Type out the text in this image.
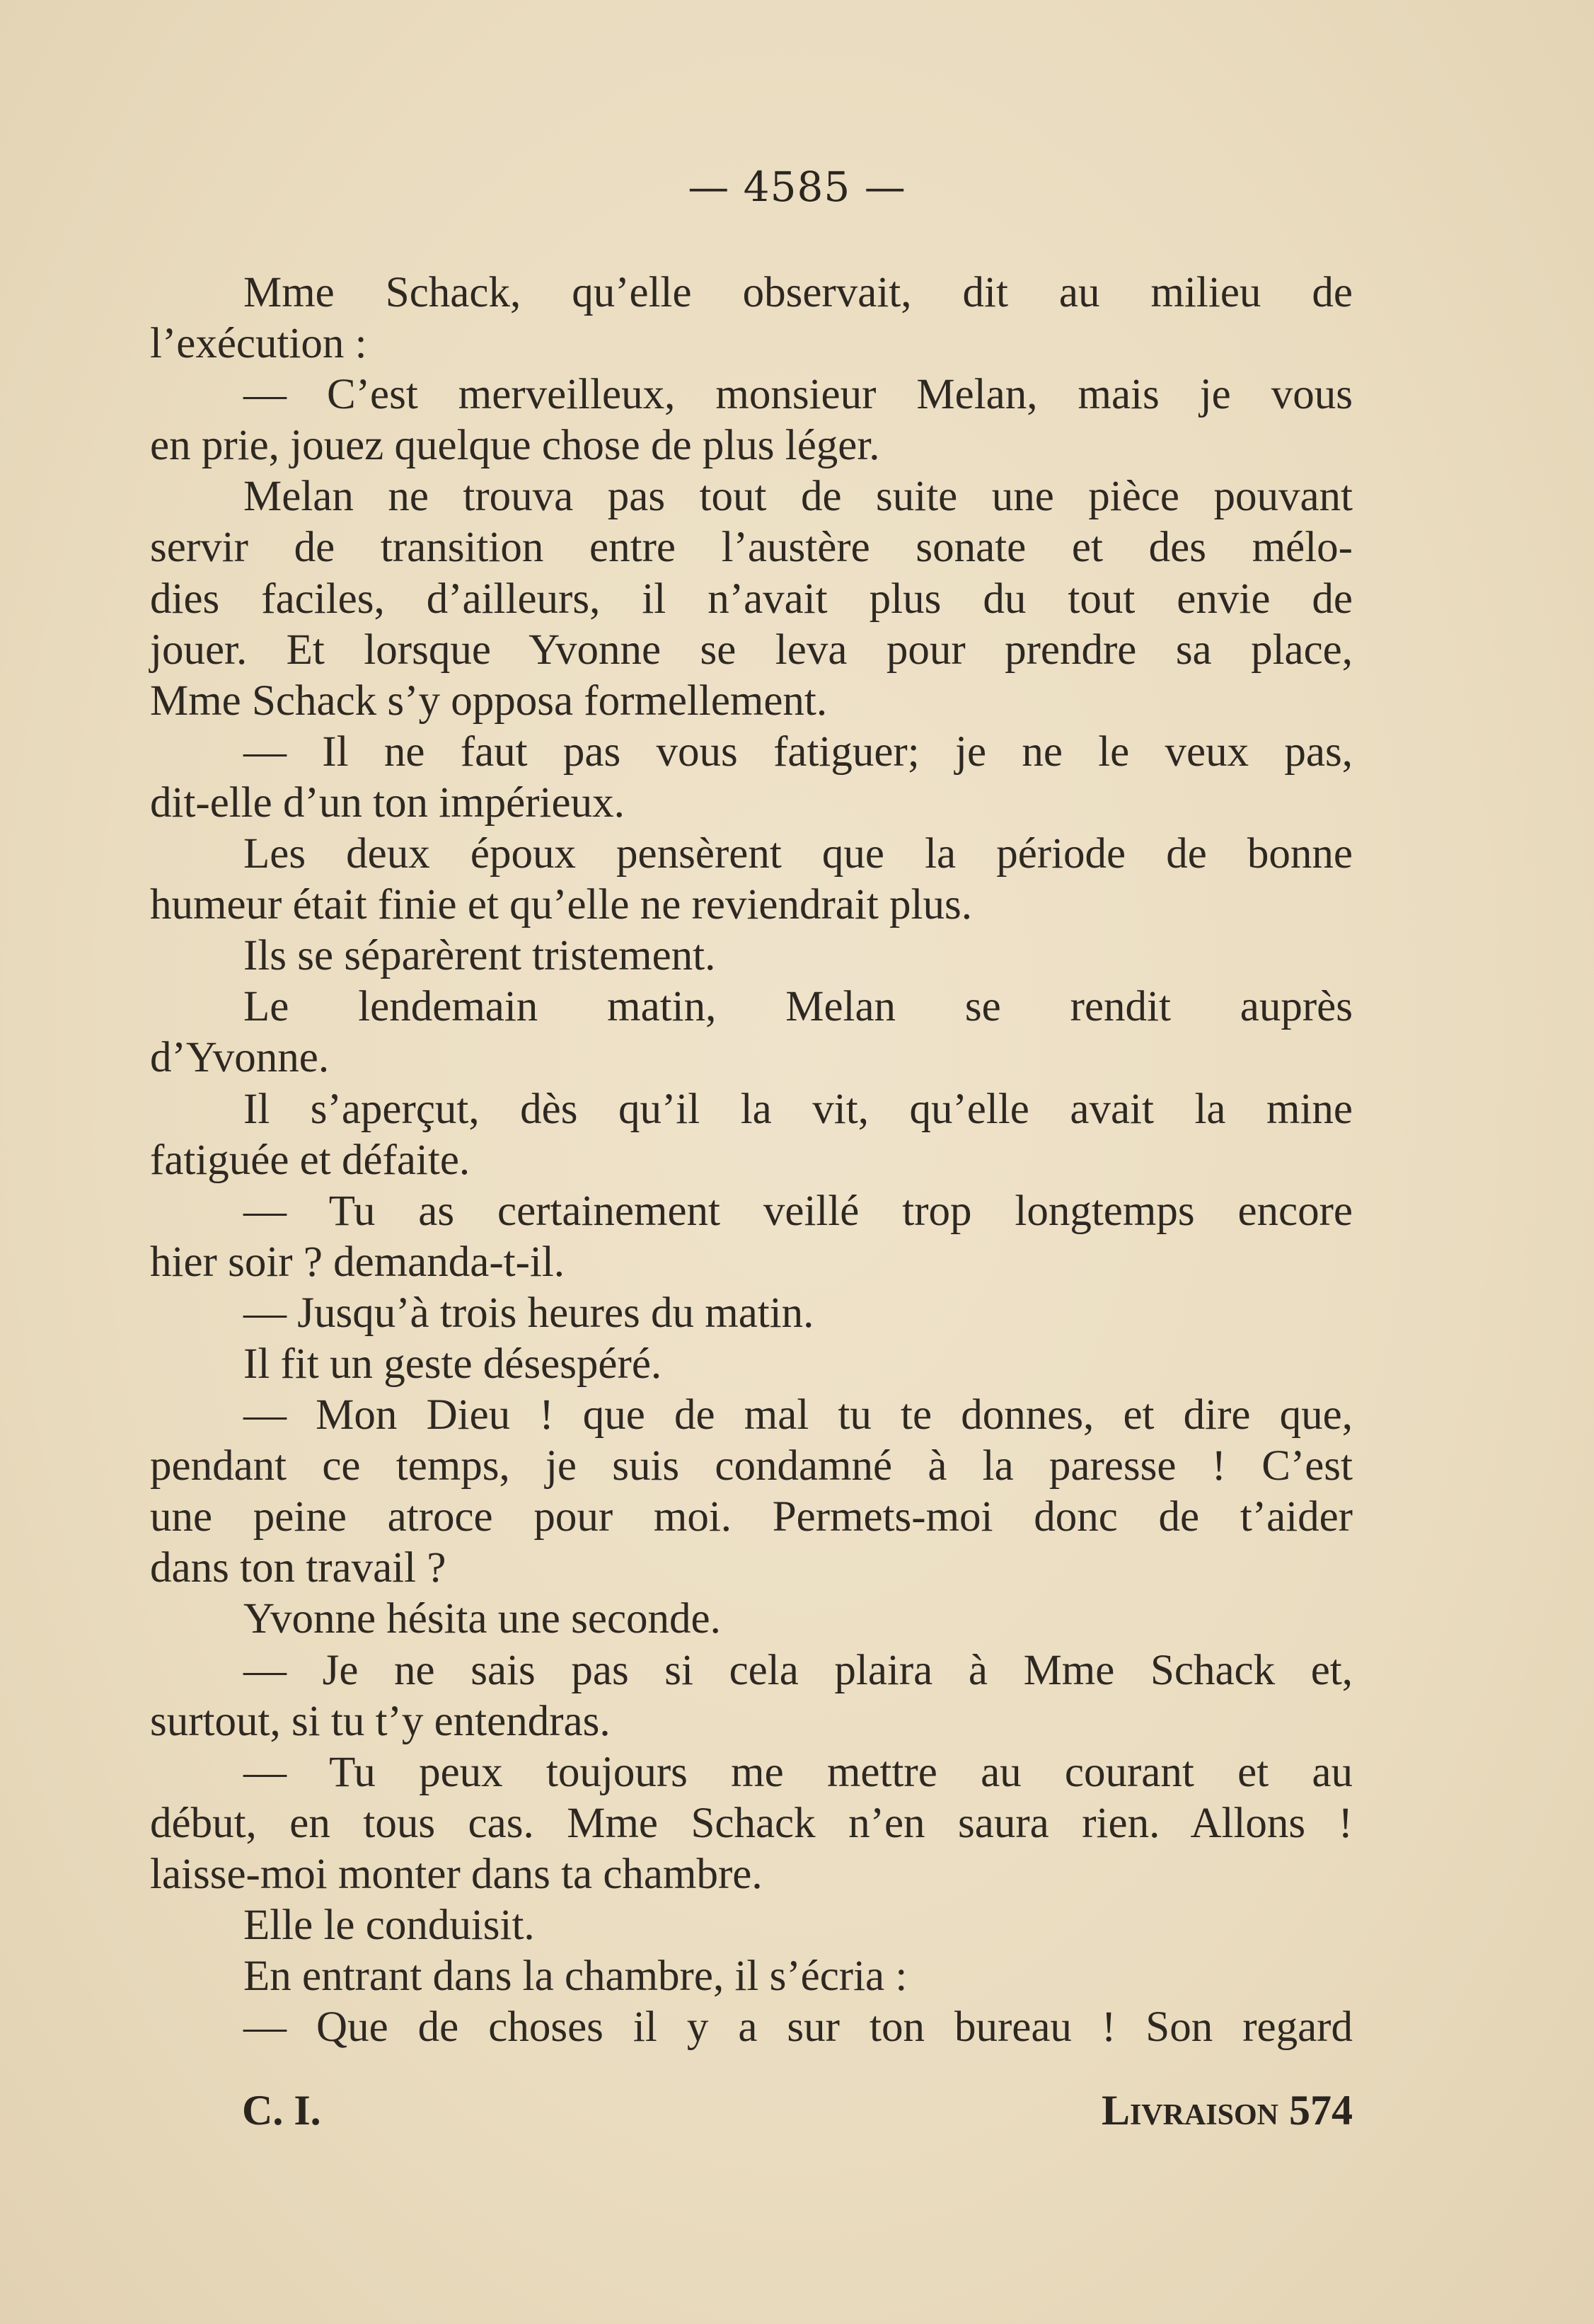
— 4585 —
Mme Schack, qu’elle observait, dit au milieu de
l’exécution :
— C’est merveilleux, monsieur Melan, mais je vous
en prie, jouez quelque chose de plus léger.
Melan ne trouva pas tout de suite une pièce pouvant
servir de transition entre l’austère sonate et des mélo-
dies faciles, d’ailleurs, il n’avait plus du tout envie de
jouer. Et lorsque Yvonne se leva pour prendre sa place,
Mme Schack s’y opposa formellement.
— Il ne faut pas vous fatiguer; je ne le veux pas,
dit-elle d’un ton impérieux.
Les deux époux pensèrent que la période de bonne
humeur était finie et qu’elle ne reviendrait plus.
Ils se séparèrent tristement.
Le lendemain matin, Melan se rendit auprès
d’Yvonne.
Il s’aperçut, dès qu’il la vit, qu’elle avait la mine
fatiguée et défaite.
— Tu as certainement veillé trop longtemps encore
hier soir ? demanda-t-il.
— Jusqu’à trois heures du matin.
Il fit un geste désespéré.
— Mon Dieu ! que de mal tu te donnes, et dire que,
pendant ce temps, je suis condamné à la paresse ! C’est
une peine atroce pour moi. Permets-moi donc de t’aider
dans ton travail ?
Yvonne hésita une seconde.
— Je ne sais pas si cela plaira à Mme Schack et,
surtout, si tu t’y entendras.
— Tu peux toujours me mettre au courant et au
début, en tous cas. Mme Schack n’en saura rien. Allons !
laisse-moi monter dans ta chambre.
Elle le conduisit.
En entrant dans la chambre, il s’écria :
— Que de choses il y a sur ton bureau ! Son regard
C. I.	Livraison 574
